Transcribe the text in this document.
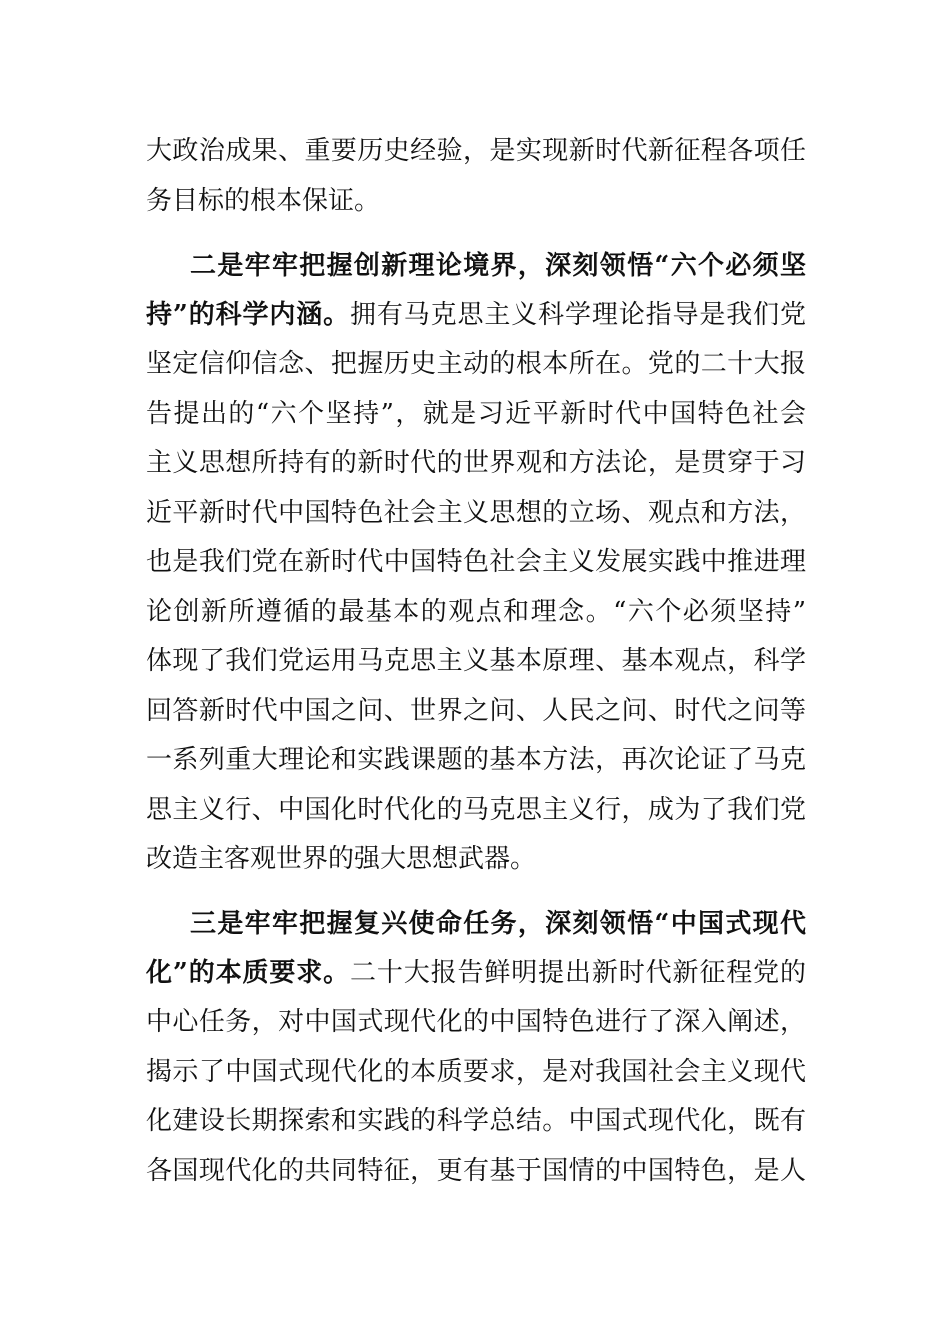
大政治成果、重要历史经验，是实现新时代新征程各项任
务目标的根本保证。
二是牢牢把握创新理论境界，深刻领悟“六个必须坚
持”的科学内涵。拥有马克思主义科学理论指导是我们党
坚定信仰信念、把握历史主动的根本所在。党的二十大报
告提出的“六个坚持”，就是习近平新时代中国特色社会
主义思想所持有的新时代的世界观和方法论，是贯穿于习
近平新时代中国特色社会主义思想的立场、观点和方法，
也是我们党在新时代中国特色社会主义发展实践中推进理
论创新所遵循的最基本的观点和理念。“六个必须坚持”
体现了我们党运用马克思主义基本原理、基本观点，科学
回答新时代中国之问、世界之问、人民之问、时代之问等
一系列重大理论和实践课题的基本方法，再次论证了马克
思主义行、中国化时代化的马克思主义行，成为了我们党
改造主客观世界的强大思想武器。
三是牢牢把握复兴使命任务，深刻领悟“中国式现代
化”的本质要求。二十大报告鲜明提出新时代新征程党的
中心任务，对中国式现代化的中国特色进行了深入阐述，
揭示了中国式现代化的本质要求，是对我国社会主义现代
化建设长期探索和实践的科学总结。中国式现代化，既有
各国现代化的共同特征，更有基于国情的中国特色，是人
